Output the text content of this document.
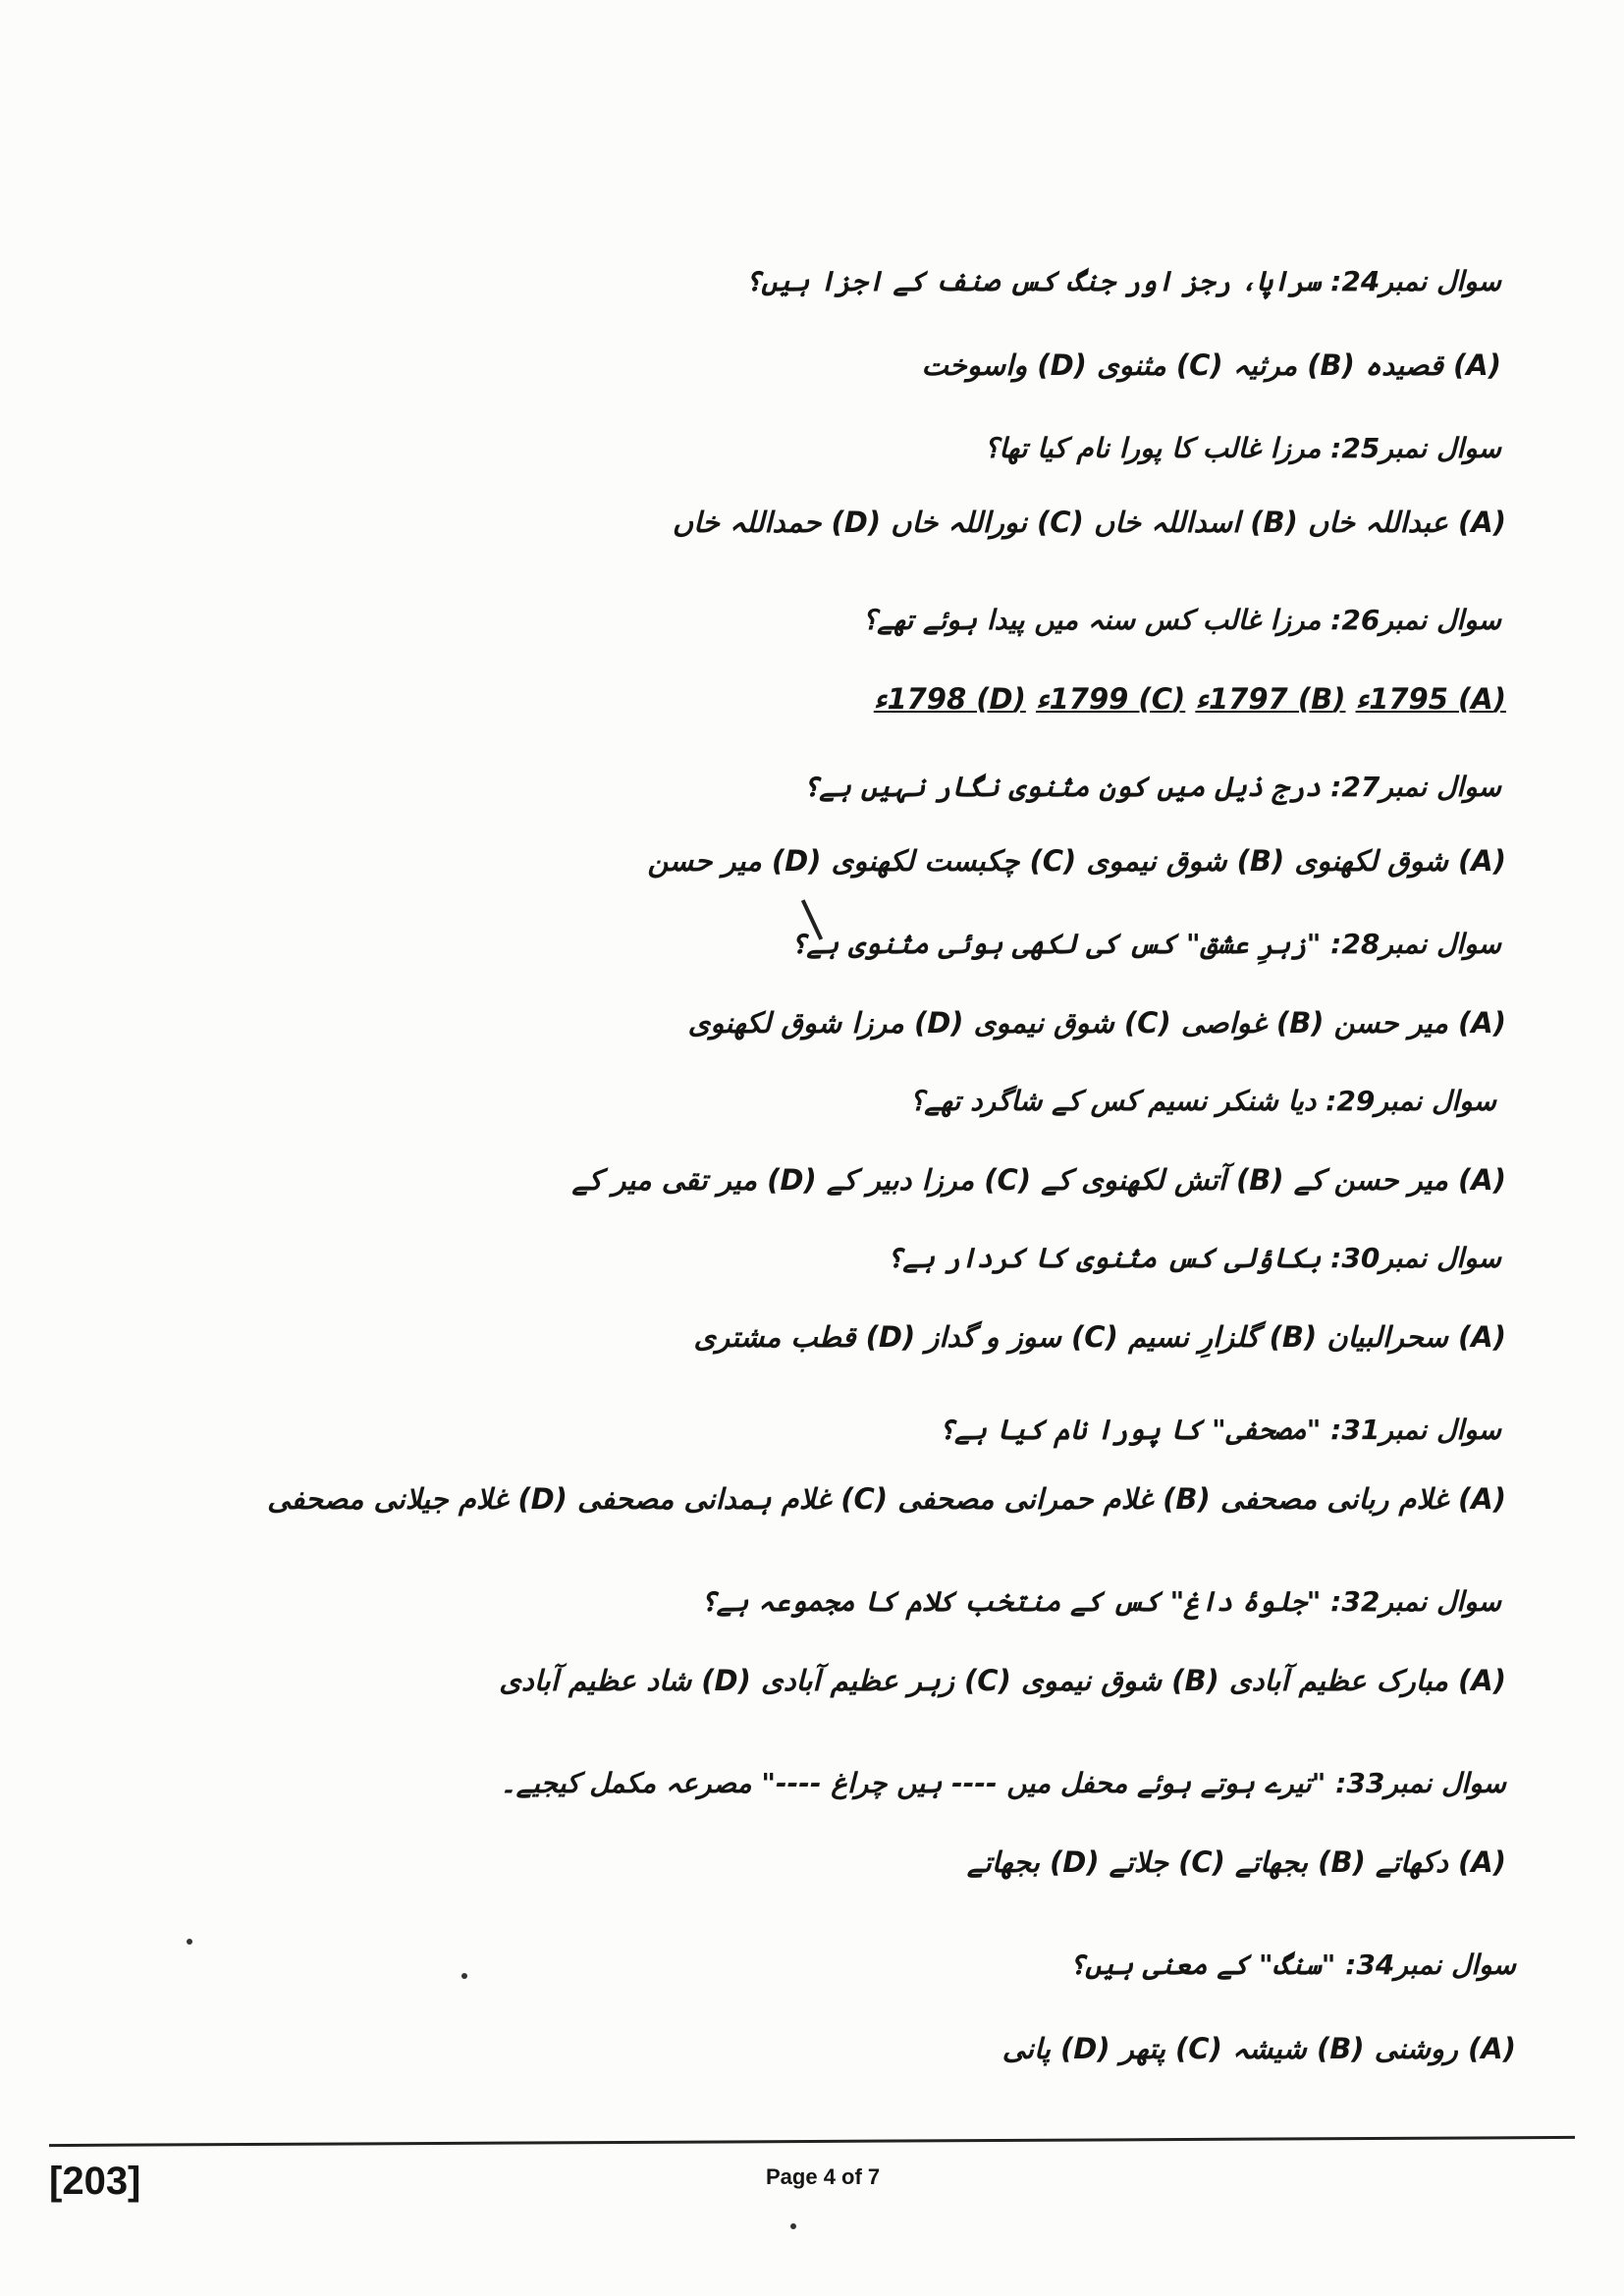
سوال نمبر24: سراپا، رجز اور جنگ کس صنف کے اجزا ہیں؟
(A) قصیدہ (B) مرثیہ (C) مثنوی (D) واسوخت
سوال نمبر25: مرزا غالب کا پورا نام کیا تھا؟
(A) عبداللہ خاں (B) اسداللہ خاں (C) نوراللہ خاں (D) حمداللہ خاں
سوال نمبر26: مرزا غالب کس سنہ میں پیدا ہوئے تھے؟
(A) 1795ء (B) 1797ء (C) 1799ء (D) 1798ء
سوال نمبر27: درج ذیل میں کون مثنوی نگار نہیں ہے؟
(A) شوق لکھنوی (B) شوق نیموی (C) چکبست لکھنوی (D) میر حسن
سوال نمبر28: "زہرِ عشق" کس کی لکھی ہوئی مثنوی ہے؟
(A) میر حسن (B) غواصی (C) شوق نیموی (D) مرزا شوق لکھنوی
سوال نمبر29: دیا شنکر نسیم کس کے شاگرد تھے؟
(A) میر حسن کے (B) آتش لکھنوی کے (C) مرزا دبیر کے (D) میر تقی میر کے
سوال نمبر30: بکاؤلی کس مثنوی کا کردار ہے؟
(A) سحرالبیان (B) گلزارِ نسیم (C) سوز و گداز (D) قطب مشتری
سوال نمبر31: "مصحفی" کا پورا نام کیا ہے؟
(A) غلام ربانی مصحفی (B) غلام حمرانی مصحفی (C) غلام ہمدانی مصحفی (D) غلام جیلانی مصحفی
سوال نمبر32: "جلوۂ داغ" کس کے منتخب کلام کا مجموعہ ہے؟
(A) مبارک عظیم آبادی (B) شوق نیموی (C) زہر عظیم آبادی (D) شاد عظیم آبادی
سوال نمبر33: "تیرے ہوتے ہوئے محفل میں ---- ہیں چراغ ----" مصرعہ مکمل کیجیے۔
(A) دکھاتے (B) بجھاتے (C) جلاتے (D) بجھاتے
سوال نمبر34: "سنگ" کے معنی ہیں؟
(A) روشنی (B) شیشہ (C) پتھر (D) پانی
[203]	Page 4 of 7
